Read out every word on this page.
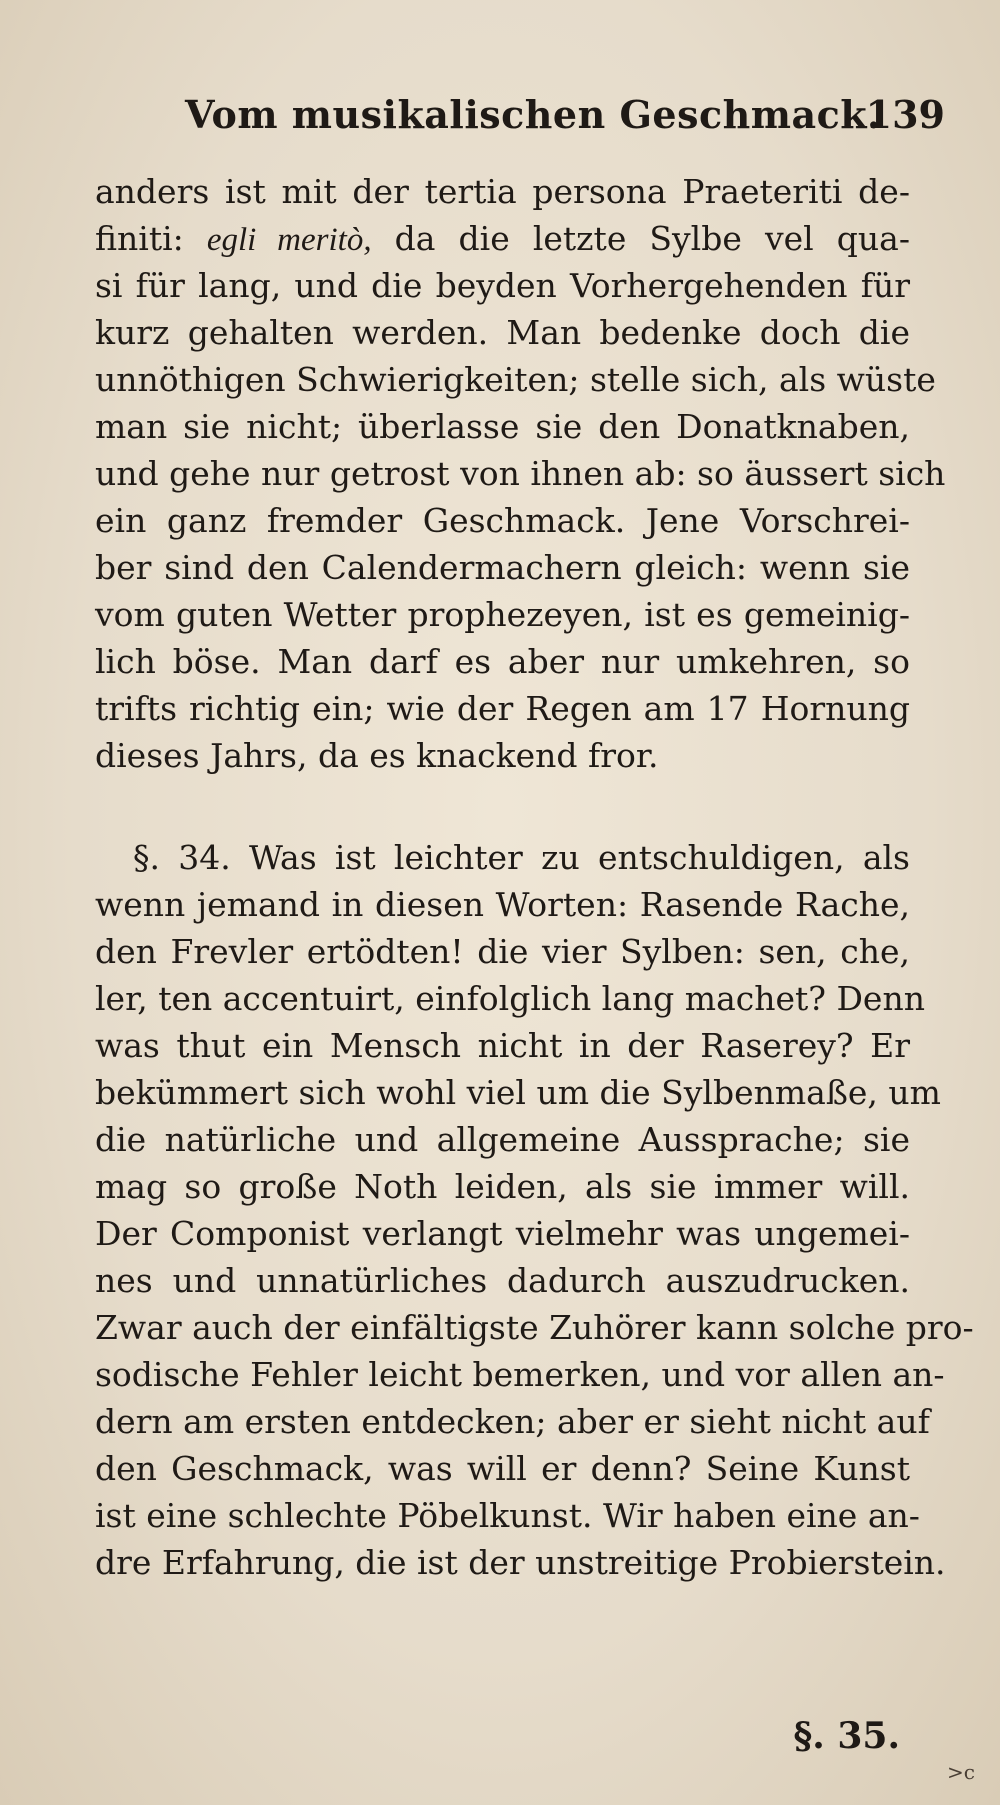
Vom musikalischen Geschmack.
139
anders ist mit der tertia persona Praeteriti de-
finiti: egli meritò, da die letzte Sylbe vel qua-
si für lang, und die beyden Vorhergehenden für
kurz gehalten werden. Man bedenke doch die
unnöthigen Schwierigkeiten; stelle sich, als wüste
man sie nicht; überlasse sie den Donatknaben,
und gehe nur getrost von ihnen ab: so äussert sich
ein ganz fremder Geschmack. Jene Vorschrei-
ber sind den Calendermachern gleich: wenn sie
vom guten Wetter prophezeyen, ist es gemeinig-
lich böse. Man darf es aber nur umkehren, so
trifts richtig ein; wie der Regen am 17 Hornung
dieses Jahrs, da es knackend fror.
§. 34. Was ist leichter zu entschuldigen, als
wenn jemand in diesen Worten: Rasende Rache,
den Frevler ertödten! die vier Sylben: sen, che,
ler, ten accentuirt, einfolglich lang machet? Denn
was thut ein Mensch nicht in der Raserey? Er
bekümmert sich wohl viel um die Sylbenmaße, um
die natürliche und allgemeine Aussprache; sie
mag so große Noth leiden, als sie immer will.
Der Componist verlangt vielmehr was ungemei-
nes und unnatürliches dadurch auszudrucken.
Zwar auch der einfältigste Zuhörer kann solche pro-
sodische Fehler leicht bemerken, und vor allen an-
dern am ersten entdecken; aber er sieht nicht auf
den Geschmack, was will er denn? Seine Kunst
ist eine schlechte Pöbelkunst. Wir haben eine an-
dre Erfahrung, die ist der unstreitige Probierstein.
§. 35.
>c
